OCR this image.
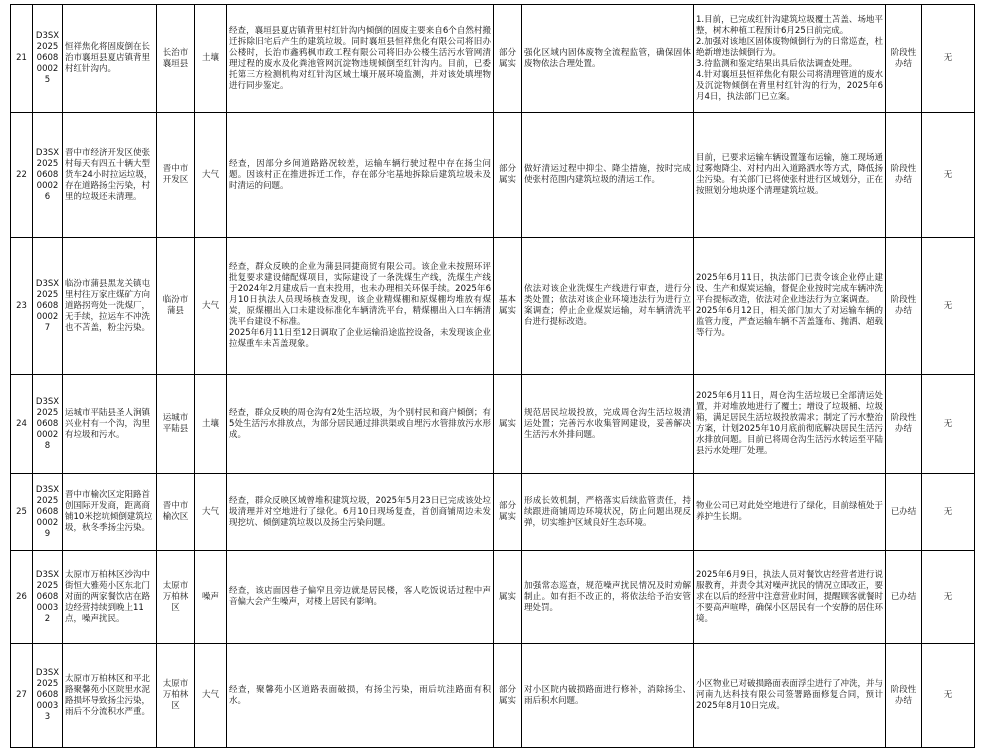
21	D3SX2025060800025	恒祥焦化将固废倒在长治市襄垣县夏店镇背里村红针沟内。	长治市襄垣县	土壤	经查，襄垣县夏店镇背里村红针沟内倾倒的固废主要来自6个自然村搬迁拆除旧宅后产生的建筑垃圾。同时襄垣县恒祥焦化有限公司将旧办公楼时，长治市鑫鸦枫市政工程有限公司将旧办公楼生活污水管网清理过程的废水及化粪池管网沉淀物违规倾倒至红针沟内。目前，已委托第三方检测机构对红针沟区域土壤开展环境监测，并对该处填埋物进行同步鉴定。	部分属实	强化区域内固体废物全流程监管，确保固体废物依法合理处置。	1.目前，已完成红针沟建筑垃圾覆土苫盖、场地平整，树木种植工程预计6月25日前完成。
2.加强对该地区固体废物倾倒行为的日常巡查，杜绝新增违法倾倒行为。
3.待监测和鉴定结果出具后依法调查处理。
4.针对襄垣县恒祥焦化有限公司将清理管道的废水及沉淀物倾倒在背里村红针沟的行为，2025年6月4日，执法部门已立案。	阶段性办结	无
22	D3SX2025060800026	晋中市经济开发区使张村每天有四五十辆大型货车24小时拉运垃圾，存在道路扬尘污染，村里的垃圾还未清理。	晋中市开发区	大气	经查，因部分乡间道路路况较差，运输车辆行驶过程中存在扬尘问题。因该村正在推进拆迁工作，存在部分宅基地拆除后建筑垃圾未及时清运的问题。	部分属实	做好清运过程中抑尘、降尘措施，按时完成使张村范围内建筑垃圾的清运工作。	目前，已要求运输车辆设置篷布运输，施工现场通过雾炮降尘、对村内出入道路洒水等方式，降低扬尘污染。有关部门已将使张村进行区域划分，正在按照划分地块逐个清理建筑垃圾。	阶段性办结	无
23	D3SX2025060800027	临汾市蒲县黑龙关镇屯里村往万家庄煤矿方向道路拐弯处一洗煤厂，无手续，拉运车不冲洗也不苫盖，粉尘污染。	临汾市蒲县	大气	经查，群众反映的企业为蒲县同捷商贸有限公司。该企业未按照环评批复要求建设储配煤项目，实际建设了一条洗煤生产线，洗煤生产线于2024年2月建成后一直未投用，也未办理相关环保手续。2025年6月10日执法人员现场核查发现，该企业精煤棚和原煤棚均堆放有煤炭，原煤棚出入口未建设标准化车辆清洗平台，精煤棚出入口车辆清洗平台建设不标准。
2025年6月11日至12日调取了企业运输沿途监控设备，未发现该企业拉煤重车未苫盖现象。	基本属实	依法对该企业洗煤生产线进行审查，进行分类处置；依法对该企业环境违法行为进行立案调查；停止企业煤炭运输，对车辆清洗平台进行提标改造。	2025年6月11日，执法部门已责令该企业停止建设、生产和煤炭运输，督促企业按时完成车辆冲洗平台提标改造，依法对企业违法行为立案调查。
2025年6月12日，相关部门加大了对运输车辆的监管力度，严查运输车辆不苫盖篷布、抛洒、超载等行为。	阶段性办结	无
24	D3SX2025060800028	运城市平陆县圣人涧镇兴业村有一个沟，沟里有垃圾和污水。	运城市平陆县	土壤	经查，群众反映的周仓沟有2处生活垃圾，为个别村民和商户倾倒；有5处生活污水排放点，为部分居民通过排洪渠或自埋污水管排放污水形成。	属实	规范居民垃圾投放，完成周仓沟生活垃圾清运处置；完善污水收集管网建设，妥善解决生活污水外排问题。	2025年6月11日，周仓沟生活垃圾已全部清运处置，并对堆放地进行了覆土；增设了垃圾桶、垃圾箱，满足居民生活垃圾投放需求；制定了污水整治方案，计划2025年10月底前彻底解决居民生活污水排放问题。目前已将周仓沟生活污水转运至平陆县污水处理厂处理。	阶段性办结	无
25	D3SX2025060800029	晋中市榆次区定阳路首创国际开发商，距离商铺10米挖坑倾倒建筑垃圾，秋冬季扬尘污染。	晋中市榆次区	大气	经查，群众反映区域曾堆积建筑垃圾，2025年5月23日已完成该处垃圾清理并对空地进行了绿化。6月10日现场复查，首创商铺周边未发现挖坑、倾倒建筑垃圾以及扬尘污染问题。	部分属实	形成长效机制，严格落实后续监管责任，持续跟进商铺周边环境状况，防止问题出现反弹，切实维护区域良好生态环境。	物业公司已对此处空地进行了绿化，目前绿植处于养护生长期。	已办结	无
26	D3SX2025060800032	太原市万柏林区沙沟中街恒大雅苑小区东北门对面的两家餐饮店在路边经营持续到晚上11点，噪声扰民。	太原市万柏林区	噪声	经查，该店面因巷子偏窄且旁边就是居民楼，客人吃饭说话过程中声音偏大会产生噪声，对楼上居民有影响。	属实	加强常态巡查，规范噪声扰民情况及时劝解制止。如有拒不改正的，将依法给予治安管理处罚。	2025年6月9日，执法人员对餐饮店经营者进行说服教育，并责令其对噪声扰民的情况立即改正，要求在以后的经营中注意营业时间，提醒顾客就餐时不要高声喧哗，确保小区居民有一个安静的居住环境。	已办结	无
27	D3SX2025060800033	太原市万柏林区和平北路聚馨苑小区院里水泥路损坏导致扬尘污染，雨后不分流积水严重。	太原市万柏林区	大气	经查，聚馨苑小区道路表面破损，有扬尘污染，雨后坑洼路面有积水。	部分属实	对小区院内破损路面进行修补，消除扬尘、雨后积水问题。	小区物业已对破损路面表面浮尘进行了冲洗，并与河南九达科技有限公司签署路面修复合同，预计2025年8月10日完成。	阶段性办结	无
